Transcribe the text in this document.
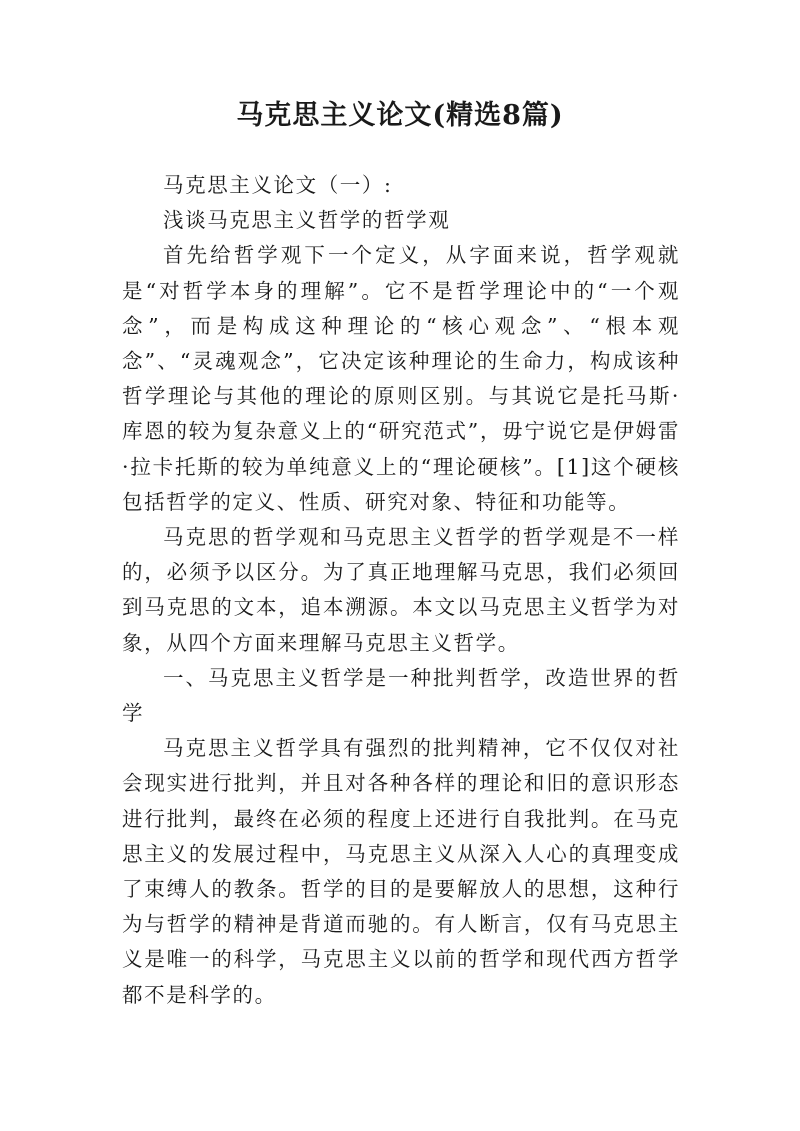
马克思主义论文(精选8篇)

马克思主义论文（一）:

浅谈马克思主义哲学的哲学观

首先给哲学观下一个定义，从字面来说，哲学观就是“对哲学本身的理解”。它不是哲学理论中的“一个观念”，而是构成这种理论的“核心观念”、“根本观念”、“灵魂观念”，它决定该种理论的生命力，构成该种哲学理论与其他的理论的原则区别。与其说它是托马斯·库恩的较为复杂意义上的“研究范式”，毋宁说它是伊姆雷·拉卡托斯的较为单纯意义上的“理论硬核”。[1]这个硬核包括哲学的定义、性质、研究对象、特征和功能等。

马克思的哲学观和马克思主义哲学的哲学观是不一样的，必须予以区分。为了真正地理解马克思，我们必须回到马克思的文本，追本溯源。本文以马克思主义哲学为对象，从四个方面来理解马克思主义哲学。

一、马克思主义哲学是一种批判哲学，改造世界的哲学

马克思主义哲学具有强烈的批判精神，它不仅仅对社会现实进行批判，并且对各种各样的理论和旧的意识形态进行批判，最终在必须的程度上还进行自我批判。在马克思主义的发展过程中，马克思主义从深入人心的真理变成了束缚人的教条。哲学的目的是要解放人的思想，这种行为与哲学的精神是背道而驰的。有人断言，仅有马克思主义是唯一的科学，马克思主义以前的哲学和现代西方哲学都不是科学的。
